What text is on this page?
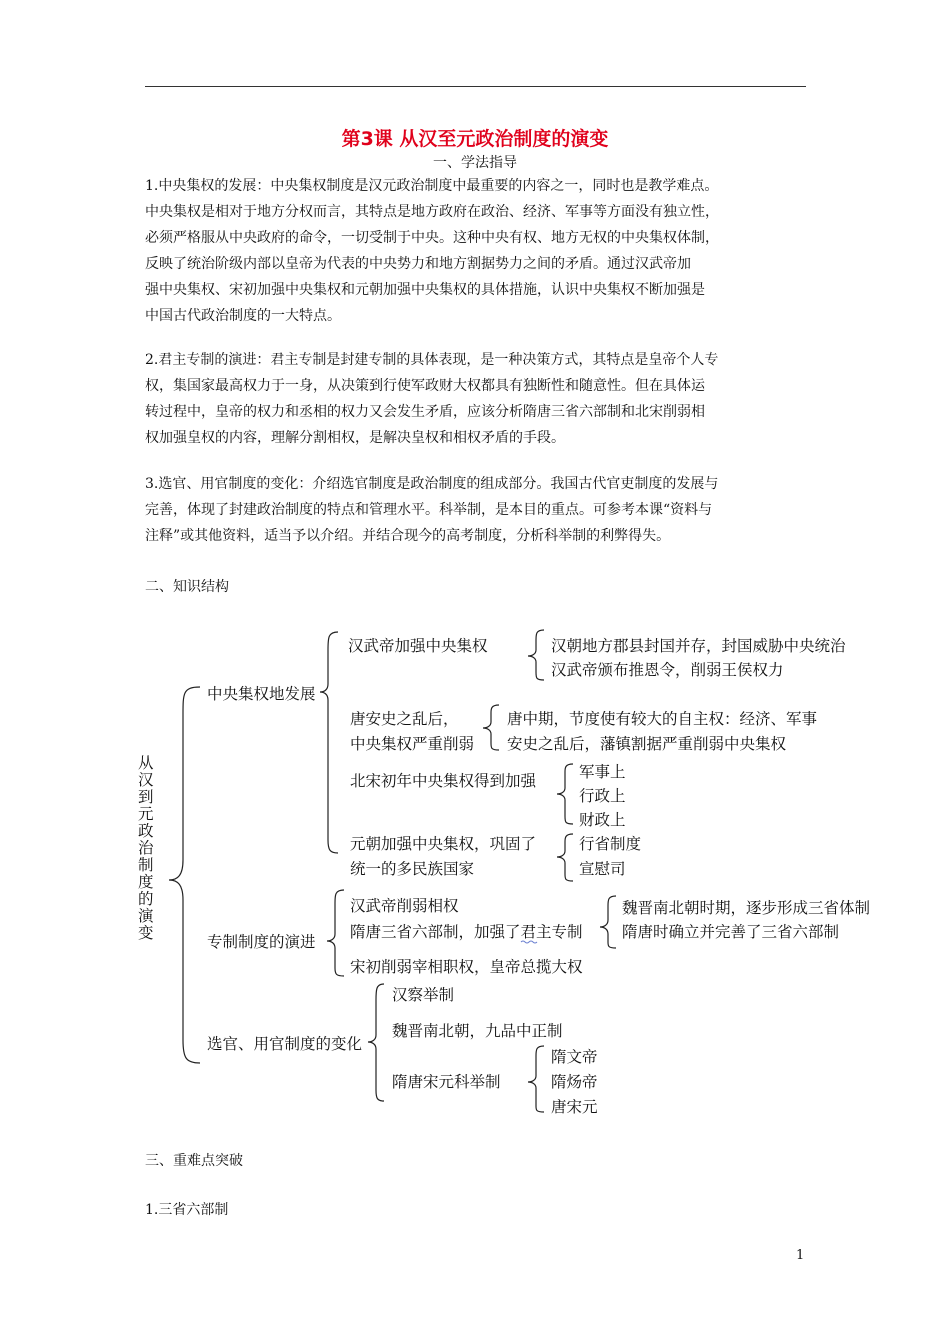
第3课 从汉至元政治制度的演变
一、学法指导
1.中央集权的发展：中央集权制度是汉元政治制度中最重要的内容之一，同时也是教学难点。
中央集权是相对于地方分权而言，其特点是地方政府在政治、经济、军事等方面没有独立性，
必须严格服从中央政府的命令，一切受制于中央。这种中央有权、地方无权的中央集权体制，
反映了统治阶级内部以皇帝为代表的中央势力和地方割据势力之间的矛盾。通过汉武帝加
强中央集权、宋初加强中央集权和元朝加强中央集权的具体措施，认识中央集权不断加强是
中国古代政治制度的一大特点。
2.君主专制的演进：君主专制是封建专制的具体表现，是一种决策方式，其特点是皇帝个人专
权，集国家最高权力于一身，从决策到行使军政财大权都具有独断性和随意性。但在具体运
转过程中，皇帝的权力和丞相的权力又会发生矛盾，应该分析隋唐三省六部制和北宋削弱相
权加强皇权的内容，理解分割相权，是解决皇权和相权矛盾的手段。
3.选官、用官制度的变化：介绍选官制度是政治制度的组成部分。我国古代官吏制度的发展与
完善，体现了封建政治制度的特点和管理水平。科举制，是本目的重点。可参考本课“资料与
注释”或其他资料，适当予以介绍。并结合现今的高考制度，分析科举制的利弊得失。
二、知识结构
从
汉
到
元
政
治
制
度
的
演
变
中央集权地发展
汉武帝加强中央集权	汉朝地方郡县封国并存，封国威胁中央统治
汉武帝颁布推恩令，削弱王侯权力
唐安史之乱后，
中央集权严重削弱
唐中期，节度使有较大的自主权：经济、军事
安史之乱后，藩镇割据严重削弱中央集权
北宋初年中央集权得到加强	军事上
行政上
财政上
元朝加强中央集权，巩固了
统一的多民族国家
行省制度
宣慰司
专制制度的演进
汉武帝削弱相权
隋唐三省六部制，加强了君主专制
宋初削弱宰相职权，皇帝总揽大权
魏晋南北朝时期，逐步形成三省体制
隋唐时确立并完善了三省六部制
选官、用官制度的变化
汉察举制
魏晋南北朝，九品中正制
隋唐宋元科举制
隋文帝
隋炀帝
唐宋元
三、重难点突破
1.三省六部制
1
